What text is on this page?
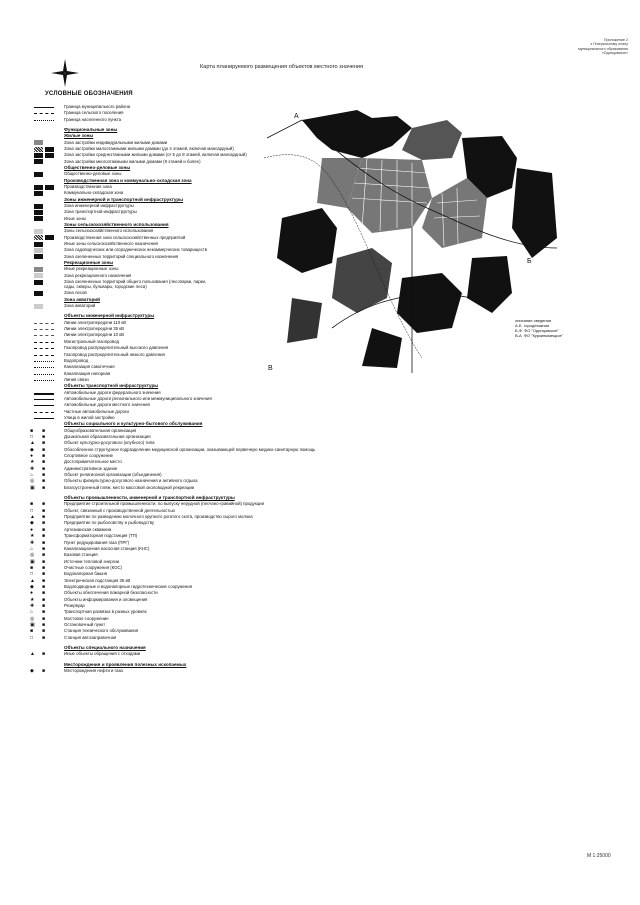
Приложение 2
к Генеральному плану
муниципального образования
«Одинцовское»
Карта планируемого размещения объектов местного значения
УСЛОВНЫЕ ОБОЗНАЧЕНИЯ
Граница муниципального района
Граница сельского поселения
Граница населенного пункта
Функциональные зоны
Жилые зоны
Зона застройки индивидуальными жилыми домами
Зона застройки малоэтажными жилыми домами (до 4 этажей, включая мансардный)
Зона застройки среднеэтажными жилыми домами (от 5 до 8 этажей, включая мансардный)
Зона застройки многоэтажными жилыми домами (9 этажей и более)
Общественно-деловые зоны
Общественно-деловые зоны
Производственная зона и коммунально-складская зона
Производственная зона
Коммунально-складская зона
Зоны инженерной и транспортной инфраструктуры
Зона инженерной инфраструктуры
Зона транспортной инфраструктуры
Иные зоны
Зоны сельскохозяйственного использования
Зоны сельскохозяйственного использования
Производственная зона сельскохозяйственных предприятий
Иные зоны сельскохозяйственного назначения
Зона садоводческих или огороднических некоммерческих товариществ
Зона озелененных территорий специального назначения
Рекреационные зоны
Иные рекреационные зоны
Зона рекреационного назначения
Зона озелененных территорий общего пользования (лесопарки, парки,
сады, скверы, бульвары, городские леса)
Зона лесов
Зона акваторий
Зона акваторий
Объекты инженерной инфраструктуры
Линии электропередачи 110 кВ
Линии электропередачи 35 кВ
Линии электропередачи 10 кВ
Магистральный газопровод
Газопровод распределительный высокого давления
Газопровод распределительный низкого давления
Водопровод
Канализация самотечная
Канализация напорная
Линия связи
Объекты транспортной инфраструктуры
Автомобильные дороги федерального значения
Автомобильные дороги регионального или межмуниципального значения
Автомобильные дороги местного значения
Частные автомобильные дороги
Улица в жилой застройке
Объекты социального и культурно-бытового обслуживания
■ ■	Общеобразовательная организация
□ ■	Дошкольная образовательная организация
▲ ■	Объект культурно-досугового (клубного) типа
◆ ■	Обособленное структурное подразделение медицинской организации, оказывающей первичную медико-санитарную помощь
● ■	Спортивное сооружение
★ ■	Достопримечательное место
✚ ■	Административное здание
⌂ ■	Объект религиозной организации (объединения)
◎ ■	Объекты физкультурно-досугового назначения и активного отдыха
▣ ■	Благоустроенный пляж, место массовой околоводной рекреации
Объекты промышленности, инженерной и транспортной инфраструктуры
■ ■	Предприятие строительной промышленности, по выпуску нерудной (песчано-гравийной) продукции
□ ■	Объект, связанный с производственной деятельностью
▲ ■	Предприятие по разведению молочного крупного рогатого скота, производство сырого молока
◆ ■	Предприятие по рыболовству и рыбоводству
● ■	Артезианская скважина
★ ■	Трансформаторная подстанция (ТП)
✚ ■	Пункт редуцирования газа (ПРГ)
⌂ ■	Канализационная насосная станция (КНС)
◎ ■	Базовая станция
▣ ■	Источник тепловой энергии
■ ■	Очистные сооружения (КОС)
□ ■	Водонапорная башня
▲ ■	Электрическая подстанция 35 кВ
◆ ■	Водоподводные и водонапорные гидротехнические сооружения
● ■	Объекты обеспечения пожарной безопасности
★ ■	Объекты информирования и оповещения
✚ ■	Резервуар
⌂ ■	Транспортная развязка в разных уровнях
◎ ■	Мостовое сооружение
▣ ■	Остановочный пункт
■ ■	Станция технического обслуживания
□ ■	Станция автозаправочная
Объекты специального назначения
▲ ■	Иные объекты обращения с отходами
Месторождения и проявления полезных ископаемых
◆ ■	Месторождения нефти и газа
А
Б
В
описание сведения
А-Б город/нижняя
Б-Ф ФО "Одинцовское"
В-А ФО "Куркинымецкое"
М 1:25000
